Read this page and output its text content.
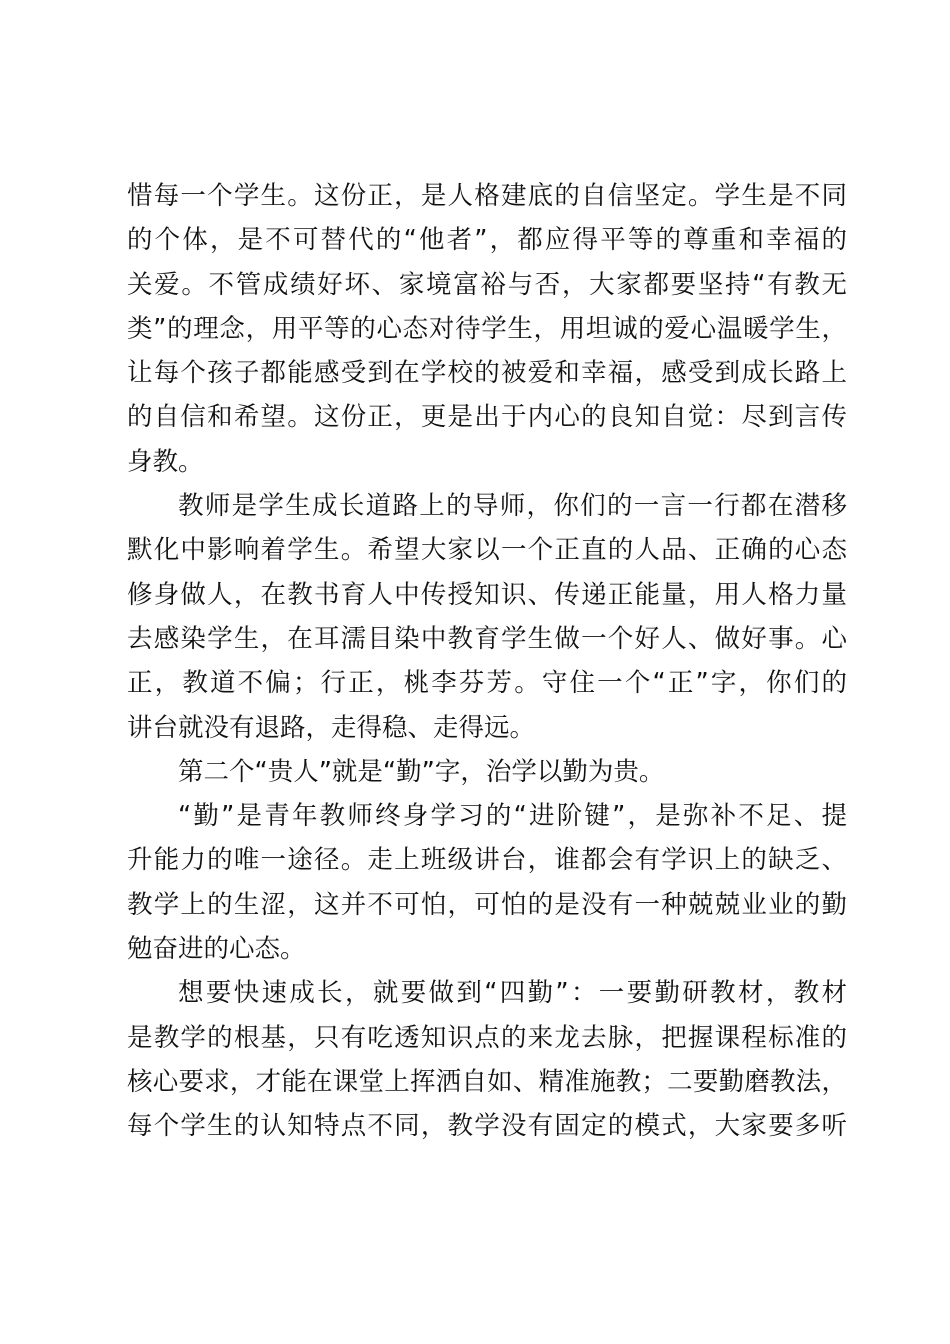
惜每一个学生。这份正，是人格建底的自信坚定。学生是不同
的个体，是不可替代的“他者”，都应得平等的尊重和幸福的
关爱。不管成绩好坏、家境富裕与否，大家都要坚持“有教无
类”的理念，用平等的心态对待学生，用坦诚的爱心温暖学生，
让每个孩子都能感受到在学校的被爱和幸福，感受到成长路上
的自信和希望。这份正，更是出于内心的良知自觉：尽到言传
身教。
教师是学生成长道路上的导师，你们的一言一行都在潜移
默化中影响着学生。希望大家以一个正直的人品、正确的心态
修身做人，在教书育人中传授知识、传递正能量，用人格力量
去感染学生，在耳濡目染中教育学生做一个好人、做好事。心
正，教道不偏；行正，桃李芬芳。守住一个“正”字，你们的
讲台就没有退路，走得稳、走得远。
第二个“贵人”就是“勤”字，治学以勤为贵。
“勤”是青年教师终身学习的“进阶键”，是弥补不足、提
升能力的唯一途径。走上班级讲台，谁都会有学识上的缺乏、
教学上的生涩，这并不可怕，可怕的是没有一种兢兢业业的勤
勉奋进的心态。
想要快速成长，就要做到“四勤”：一要勤研教材，教材
是教学的根基，只有吃透知识点的来龙去脉，把握课程标准的
核心要求，才能在课堂上挥洒自如、精准施教；二要勤磨教法，
每个学生的认知特点不同，教学没有固定的模式，大家要多听
